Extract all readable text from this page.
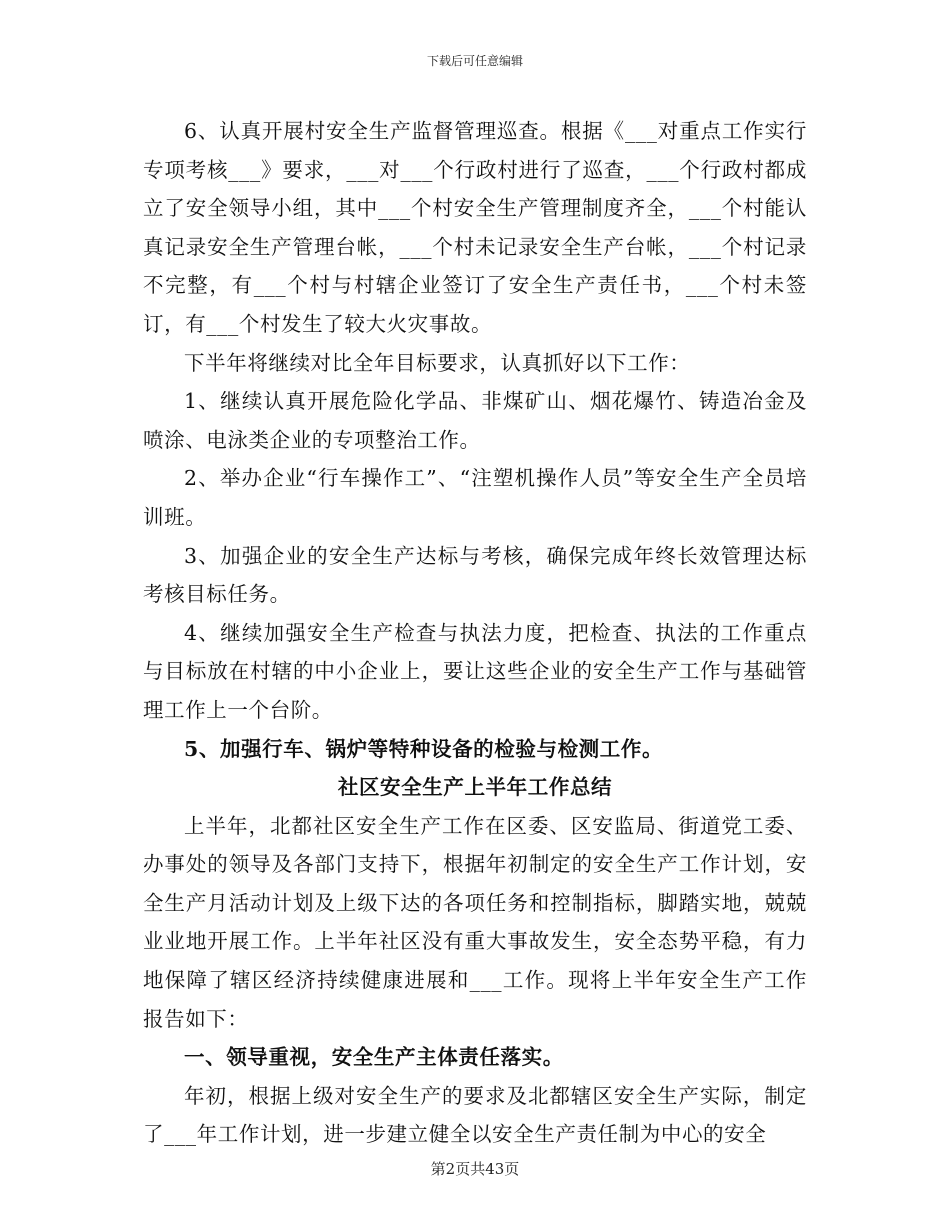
下载后可任意编辑

6、认真开展村安全生产监督管理巡查。根据《___对重点工作实行专项考核___》要求，___对___个行政村进行了巡查，___个行政村都成立了安全领导小组，其中___个村安全生产管理制度齐全，___个村能认真记录安全生产管理台帐，___个村未记录安全生产台帐，___个村记录不完整，有___个村与村辖企业签订了安全生产责任书，___个村未签订，有___个村发生了较大火灾事故。

下半年将继续对比全年目标要求，认真抓好以下工作：

1、继续认真开展危险化学品、非煤矿山、烟花爆竹、铸造冶金及喷涂、电泳类企业的专项整治工作。

2、举办企业“行车操作工”、“注塑机操作人员”等安全生产全员培训班。

3、加强企业的安全生产达标与考核，确保完成年终长效管理达标考核目标任务。

4、继续加强安全生产检查与执法力度，把检查、执法的工作重点与目标放在村辖的中小企业上，要让这些企业的安全生产工作与基础管理工作上一个台阶。

5、加强行车、锅炉等特种设备的检验与检测工作。

社区安全生产上半年工作总结

上半年，北都社区安全生产工作在区委、区安监局、街道党工委、办事处的领导及各部门支持下，根据年初制定的安全生产工作计划，安全生产月活动计划及上级下达的各项任务和控制指标，脚踏实地，兢兢业业地开展工作。上半年社区没有重大事故发生，安全态势平稳，有力地保障了辖区经济持续健康进展和___工作。现将上半年安全生产工作报告如下：

一、领导重视，安全生产主体责任落实。

年初，根据上级对安全生产的要求及北都辖区安全生产实际，制定了___年工作计划，进一步建立健全以安全生产责任制为中心的安全

第2页共43页
